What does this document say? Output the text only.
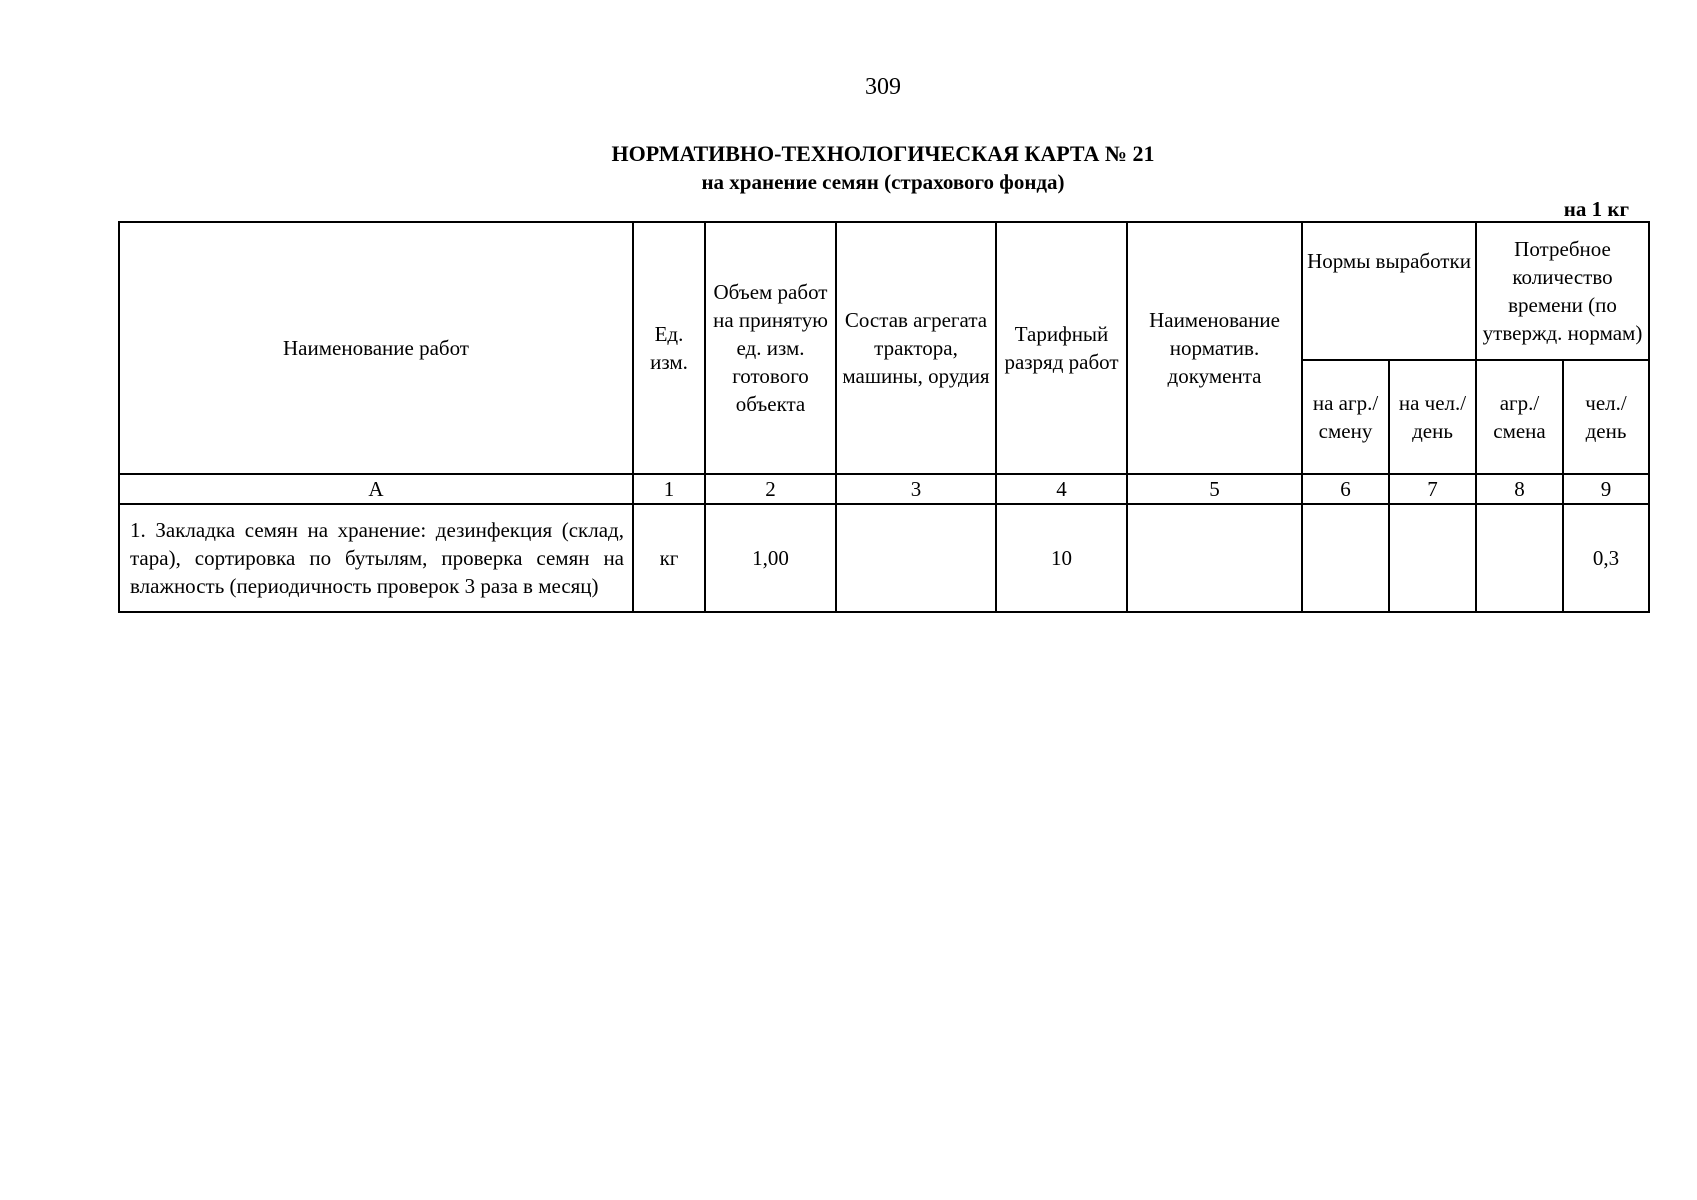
309
НОРМАТИВНО-ТЕХНОЛОГИЧЕСКАЯ КАРТА № 21
на хранение семян (страхового фонда)
на 1 кг
Наименование работ	Ед. изм.	Объем работ на принятую ед. изм. готового объекта	Состав агрегата трактора, машины, орудия	Тарифный разряд работ	Наименование норматив. документа	Нормы выработки		Потребное количество времени (по утвержд. нормам)	
						на агр./ смену	на чел./ день	агр./ смена	чел./ день
А	1	2	3	4	5	6	7	8	9
1. Закладка семян на хранение: дезинфекция (склад, тара), сортировка по бутылям, проверка семян на влажность (периодичность проверок 3 раза в месяц)	кг	1,00		10					0,3
